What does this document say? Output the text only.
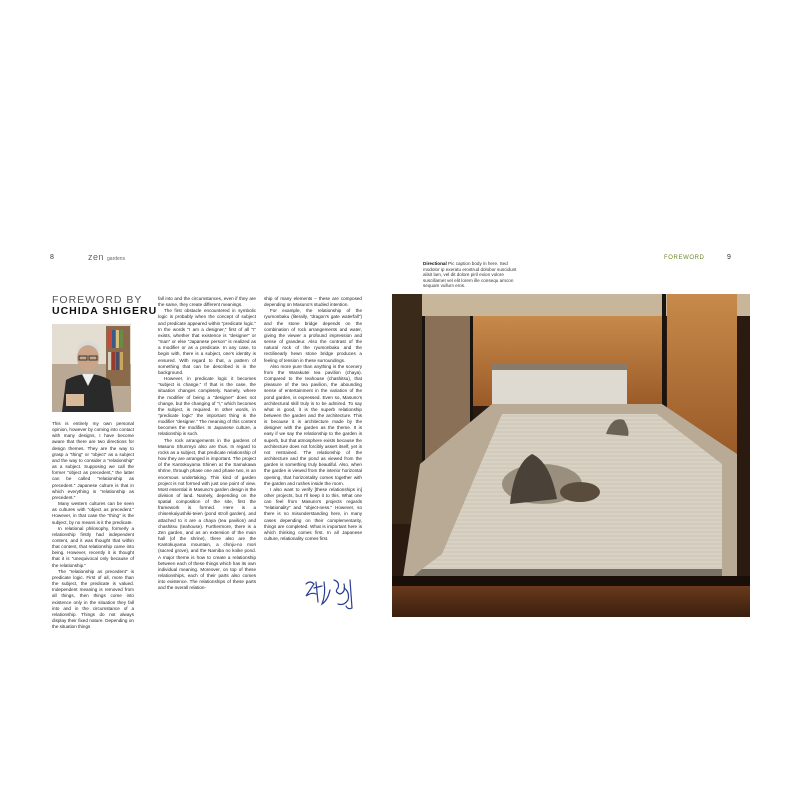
8	zen gardens
FOREWORD BY
UCHIDA SHIGERU

This is entirely my own personal opinion, however by coming into contact with many designs, I have become aware that there are two directions for design themes. They are the way to grasp a "thing" or "object" as a subject and the way to consider a "relationship" as a subject. Supposing we call the former "object as precedent," the latter can be called "relationship as precedent." Japanese culture is that in which everything is "relationship as precedent."

Many western cultures can be seen as cultures with "object as precedent." However, in that case the "thing" is the subject, by no means is it the predicate.

In relational philosophy, formerly a relationship firstly had independent content, and it was thought that within that content, that relationship came into being. However, recently it is thought that it is "unequivocal only because of the relationship."

The "relationship as precedent" is predicate logic. First of all, more than the subject, the predicate is valued. Independent meaning is removed from all things, then things come into existence only in the situation they fall into and in the circumstance of a relationship. Things do not always display their fixed nature. Depending on the situation things

fall into and the circumstances, even if they are the same, they create different meanings.

The first obstacle encountered in symbolic logic is probably when the concept of subject and predicate appeared within "predicate logic." In the words "I am a designer," first of all "I" exists, whether that existence is "designer" or "man" or else "Japanese person" is realized as a modifier or as a predicate. In any case, to begin with, there is a subject, one's identity is ensured. With regard to that, a pattern of something that can be described is in the background.

However, in predicate logic it becomes "subject is change." If that is the case, the situation changes completely. Namely, where the modifier of being a "designer" does not change, but the changing of "I," which becomes the subject, is required. In other words, in "predicate logic" the important thing is the modifier "designer." The meaning of this content becomes the modifier. In Japanese culture, a relationship is such.

The rock arrangements in the gardens of Masuno Shunmyo also are thus. In regard to rocks as a subject, that predicate relationship of how they are arranged is important. The project of the Kantokuyama Shinen at the Samukawa shrine, through phase one and phase two, is an enormous undertaking. This kind of garden project is not formed with just one point of view. Most essential in Masuno's garden design is the division of land. Namely, depending on the spatial composition of the site, first the framework is formed. Here is a chisenkaiyushiki-teien (pond stroll garden), and attached to it are a chaya (tea pavilion) and chashitsu (teahouse). Furthermore, there is a Zen garden, and as an extension of the main hall (of the shrine), there also are the Kantokuyama mountain, a chinju-no mori (sacred grove), and the Namiba no koike pond. A major theme is how to create a relationship between each of these things which has its own individual meaning. Moreover, on top of these relationships, each of their parts also comes into existence. The relationships of these parts and the overall relation-

ship of many elements – these are composed depending on Masuno's studied intention.

For example, the relationship of the ryumonbaku (literally, "dragon's gate waterfall") and the stone bridge depends on the combination of rock arrangements and water, giving the viewer a profound impression and sense of grandeur. Also the contrast of the natural rock of the ryumonbaku and the rectilinearly hewn stone bridge produces a feeling of tension in these surroundings.

Also more pure than anything is the scenery from the Warakutei tea pavilion (chaya). Compared to the teahouse (chashitsu), that pleasure of the tea pavilion, the abounding sense of entertainment in the variation of the pond garden, is expressed. Even so, Masuno's architectural skill truly is to be admired. To say what is good, it is the superb relationship between the garden and the architecture. This is because it is architecture made by the designer with the garden as the theme. It is easy if we say the relationship to the garden is superb, but that atmosphere exists because the architecture does not forcibly assert itself, yet is not restrained. The relationship of the architecture and the pond as viewed from the garden is something truly beautiful. Also, when the garden is viewed from the interior horizontal opening, that horizontality comes together with the garden and rushes inside the room.

I also want to verify [these relationships in] other projects, but I'll keep it to this. What one can feel from Masuno's projects regards "relationality" and "object-ness." However, so there is no misunderstanding here, in many cases depending on their complementarity, things are completed. What is important here is which thinking comes first. In all Japanese culture, relationality comes first.

Directional Pic caption body in here. Sed modolor ip exeratu erostrud dolobor suscidunt alisit lam, vel dit dolore piril exion volore suscillamet vel elit lorem ille consequ amcon sequam vullum eros.
FOREWORD	9
